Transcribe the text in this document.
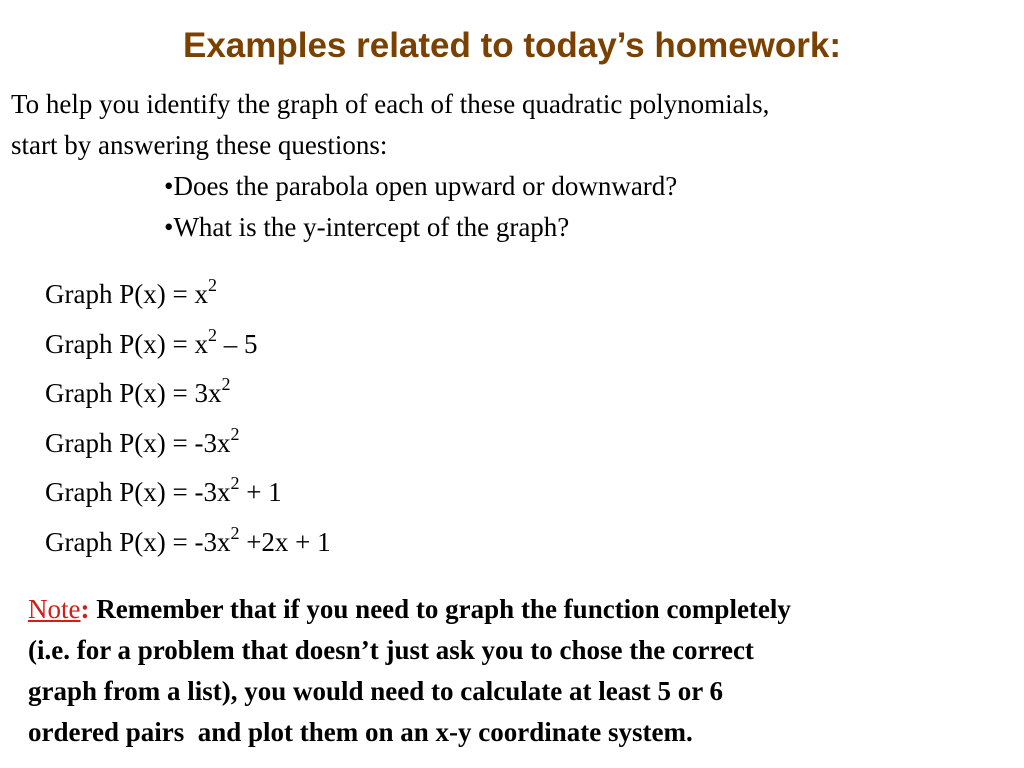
Examples related to today’s homework:
To help you identify the graph of each of these quadratic polynomials,
start by answering these questions:
•Does the parabola open upward or downward?
•What is the y-intercept of the graph?
Graph $P(x) = x^2$
Graph $P(x) = x^2 - 5$
Graph $P(x) = 3x^2$
Graph $P(x) = -3x^2$
Graph $P(x) = -3x^2 + 1$
Graph $P(x) = -3x^2 +2x + 1$
Note: Remember that if you need to graph the function completely
(i.e. for a problem that doesn’t just ask you to chose the correct
graph from a list), you would need to calculate at least 5 or 6
ordered pairs  and plot them on an x-y coordinate system.
